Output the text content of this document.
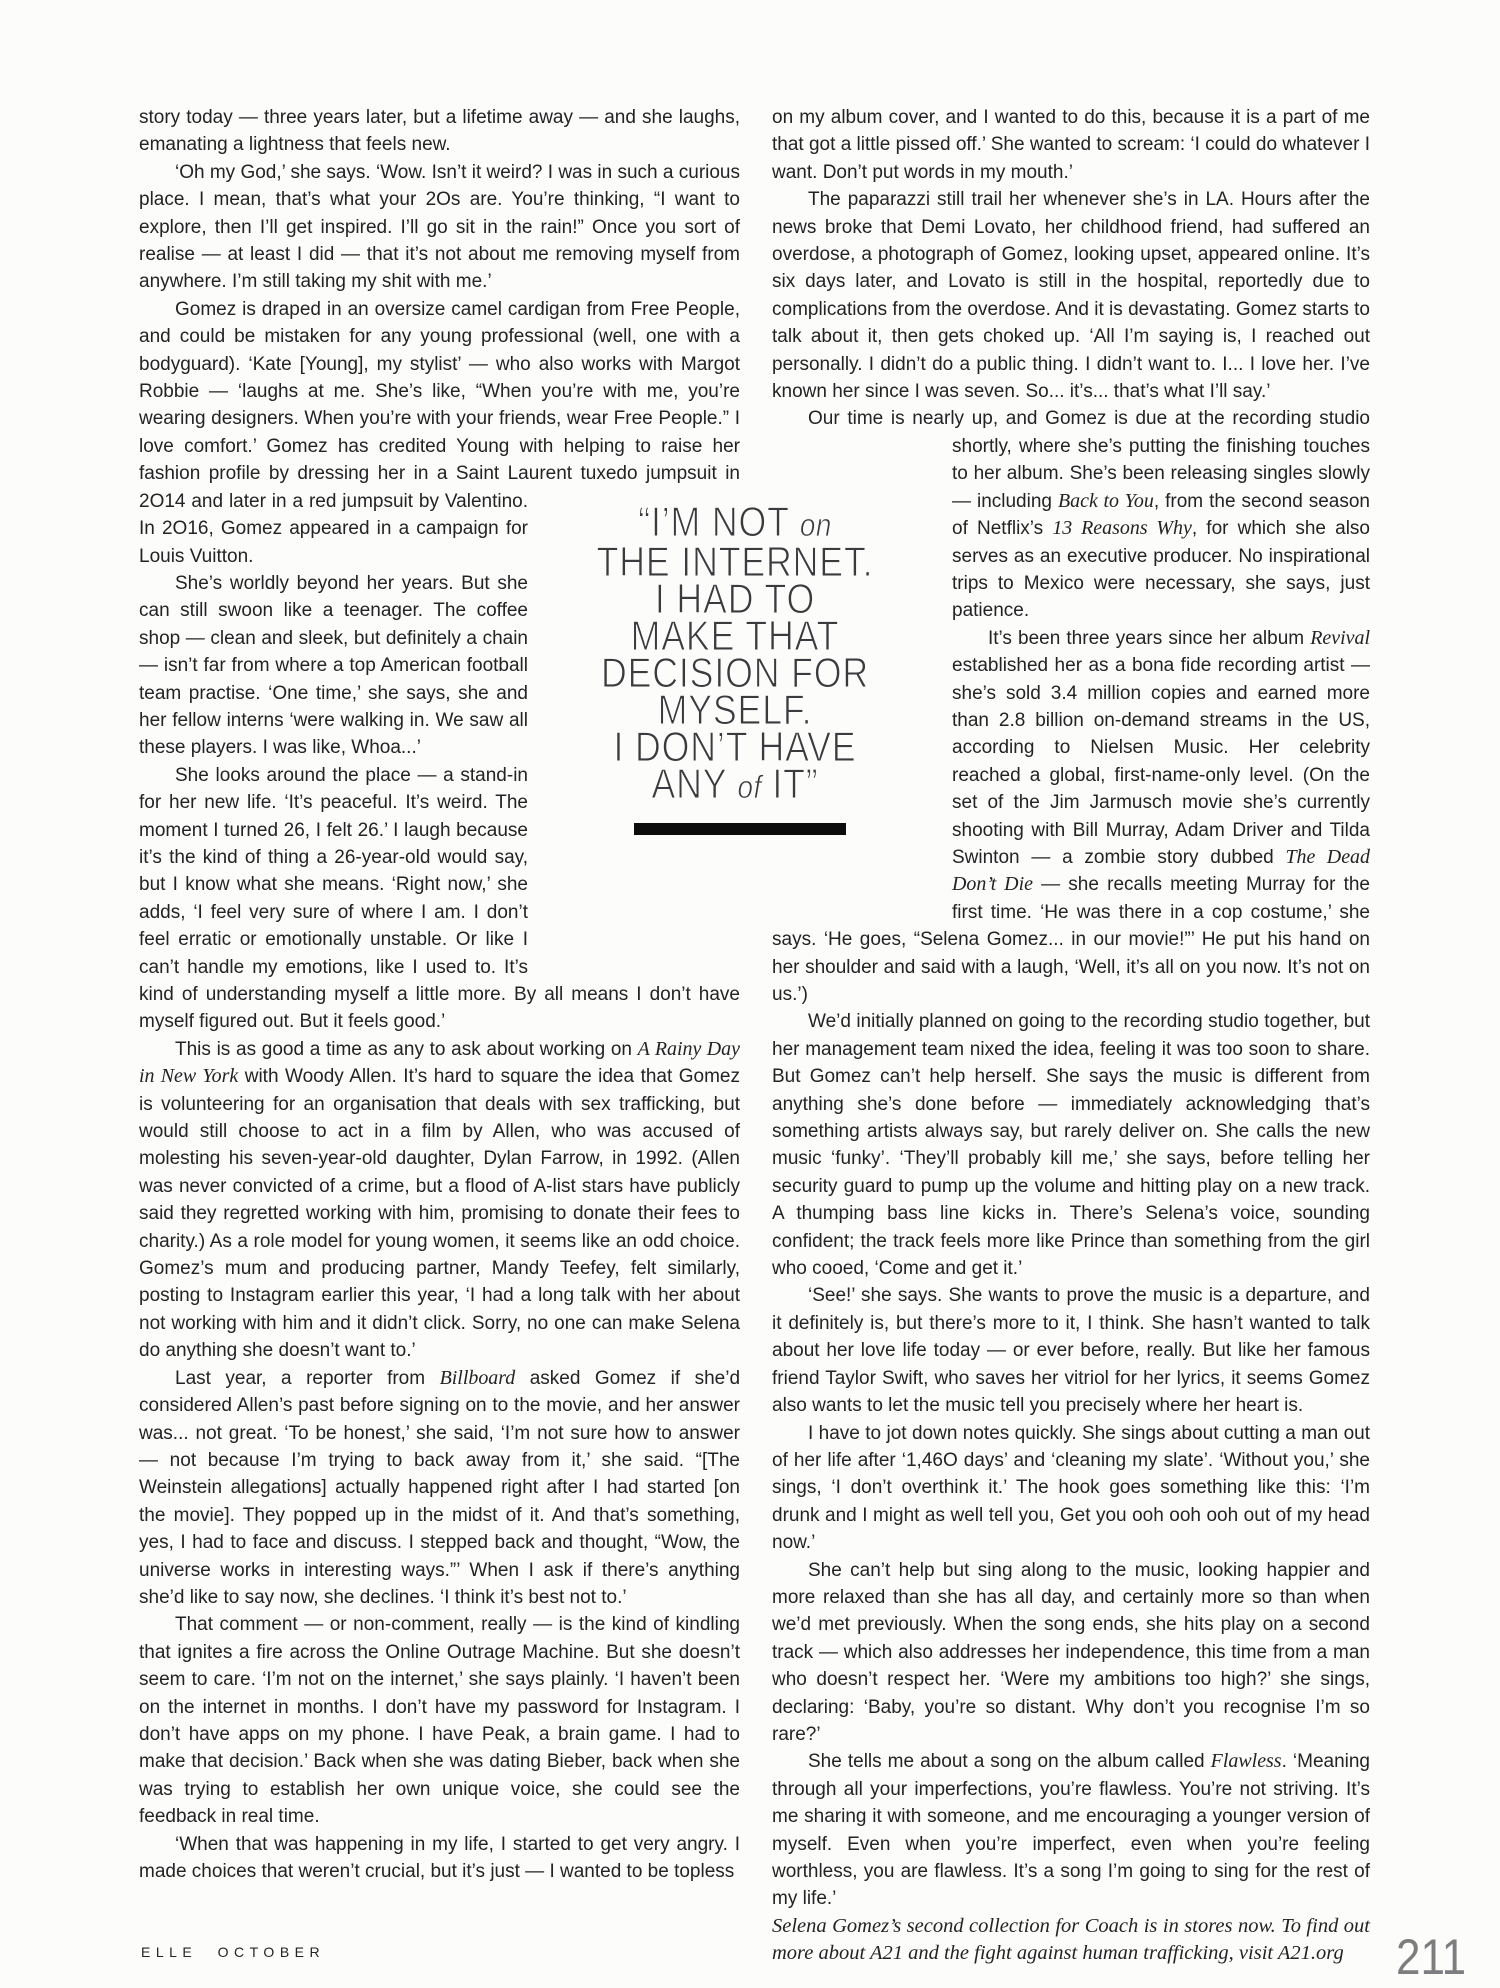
story today — three years later, but a lifetime away — and she laughs, emanating a lightness that feels new.

‘Oh my God,’ she says. ‘Wow. Isn’t it weird? I was in such a curious place. I mean, that’s what your 2Os are. You’re thinking, “I want to explore, then I’ll get inspired. I’ll go sit in the rain!” Once you sort of realise — at least I did — that it’s not about me removing myself from anywhere. I’m still taking my shit with me.’

Gomez is draped in an oversize camel cardigan from Free People, and could be mistaken for any young professional (well, one with a bodyguard). ‘Kate [Young], my stylist’ — who also works with Margot Robbie — ‘laughs at me. She’s like, “When you’re with me, you’re wearing designers. When you’re with your friends, wear Free People.” I love comfort.’ Gomez has credited Young with helping to raise her fashion profile by dressing her in a Saint Laurent tuxedo jumpsuit in 2O14 and later in a red jumpsuit by Valentino. In 2O16, Gomez appeared in a campaign for Louis Vuitton.

She’s worldly beyond her years. But she can still swoon like a teenager. The coffee shop — clean and sleek, but definitely a chain — isn’t far from where a top American football team practise. ‘One time,’ she says, she and her fellow interns ‘were walking in. We saw all these players. I was like, Whoa...’

She looks around the place — a stand-in for her new life. ‘It’s peaceful. It’s weird. The moment I turned 26, I felt 26.’ I laugh because it’s the kind of thing a 26-year-old would say, but I know what she means. ‘Right now,’ she adds, ‘I feel very sure of where I am. I don’t feel erratic or emotionally unstable. Or like I can’t handle my emotions, like I used to. It’s kind of understanding myself a little more. By all means I don’t have myself figured out. But it feels good.’

This is as good a time as any to ask about working on A Rainy Day in New York with Woody Allen. It’s hard to square the idea that Gomez is volunteering for an organisation that deals with sex trafficking, but would still choose to act in a film by Allen, who was accused of molesting his seven-year-old daughter, Dylan Farrow, in 1992. (Allen was never convicted of a crime, but a flood of A-list stars have publicly said they regretted working with him, promising to donate their fees to charity.) As a role model for young women, it seems like an odd choice. Gomez’s mum and producing partner, Mandy Teefey, felt similarly, posting to Instagram earlier this year, ‘I had a long talk with her about not working with him and it didn’t click. Sorry, no one can make Selena do anything she doesn’t want to.’

Last year, a reporter from Billboard asked Gomez if she’d considered Allen’s past before signing on to the movie, and her answer was... not great. ‘To be honest,’ she said, ‘I’m not sure how to answer — not because I’m trying to back away from it,’ she said. “[The Weinstein allegations] actually happened right after I had started [on the movie]. They popped up in the midst of it. And that’s something, yes, I had to face and discuss. I stepped back and thought, “Wow, the universe works in interesting ways.”’ When I ask if there’s anything she’d like to say now, she declines. ‘I think it’s best not to.’

That comment — or non-comment, really — is the kind of kindling that ignites a fire across the Online Outrage Machine. But she doesn’t seem to care. ‘I’m not on the internet,’ she says plainly. ‘I haven’t been on the internet in months. I don’t have my password for Instagram. I don’t have apps on my phone. I have Peak, a brain game. I had to make that decision.’ Back when she was dating Bieber, back when she was trying to establish her own unique voice, she could see the feedback in real time.

‘When that was happening in my life, I started to get very angry. I made choices that weren’t crucial, but it’s just — I wanted to be topless

on my album cover, and I wanted to do this, because it is a part of me that got a little pissed off.’ She wanted to scream: ‘I could do whatever I want. Don’t put words in my mouth.’

The paparazzi still trail her whenever she’s in LA. Hours after the news broke that Demi Lovato, her childhood friend, had suffered an overdose, a photograph of Gomez, looking upset, appeared online. It’s six days later, and Lovato is still in the hospital, reportedly due to complications from the overdose. And it is devastating. Gomez starts to talk about it, then gets choked up. ‘All I’m saying is, I reached out personally. I didn’t do a public thing. I didn’t want to. I... I love her. I’ve known her since I was seven. So... it’s... that’s what I’ll say.’

Our time is nearly up, and Gomez is due at the recording studio shortly, where she’s putting the finishing touches to her album. She’s been releasing singles slowly — including Back to You, from the second season of Netflix’s 13 Reasons Why, for which she also serves as an executive producer. No inspirational trips to Mexico were necessary, she says, just patience.

It’s been three years since her album Revival established her as a bona fide recording artist — she’s sold 3.4 million copies and earned more than 2.8 billion on-demand streams in the US, according to Nielsen Music. Her celebrity reached a global, first-name-only level. (On the set of the Jim Jarmusch movie she’s currently shooting with Bill Murray, Adam Driver and Tilda Swinton — a zombie story dubbed The Dead Don’t Die — she recalls meeting Murray for the first time. ‘He was there in a cop costume,’ she says. ‘He goes, “Selena Gomez... in our movie!”’ He put his hand on her shoulder and said with a laugh, ‘Well, it’s all on you now. It’s not on us.’)

We’d initially planned on going to the recording studio together, but her management team nixed the idea, feeling it was too soon to share. But Gomez can’t help herself. She says the music is different from anything she’s done before — immediately acknowledging that’s something artists always say, but rarely deliver on. She calls the new music ‘funky’. ‘They’ll probably kill me,’ she says, before telling her security guard to pump up the volume and hitting play on a new track. A thumping bass line kicks in. There’s Selena’s voice, sounding confident; the track feels more like Prince than something from the girl who cooed, ‘Come and get it.’

‘See!’ she says. She wants to prove the music is a departure, and it definitely is, but there’s more to it, I think. She hasn’t wanted to talk about her love life today — or ever before, really. But like her famous friend Taylor Swift, who saves her vitriol for her lyrics, it seems Gomez also wants to let the music tell you precisely where her heart is.

I have to jot down notes quickly. She sings about cutting a man out of her life after ‘1,46O days’ and ‘cleaning my slate’. ‘Without you,’ she sings, ‘I don’t overthink it.’ The hook goes something like this: ‘I’m drunk and I might as well tell you, Get you ooh ooh ooh out of my head now.’

She can’t help but sing along to the music, looking happier and more relaxed than she has all day, and certainly more so than when we’d met previously. When the song ends, she hits play on a second track — which also addresses her independence, this time from a man who doesn’t respect her. ‘Were my ambitions too high?’ she sings, declaring: ‘Baby, you’re so distant. Why don’t you recognise I’m so rare?’

She tells me about a song on the album called Flawless. ‘Meaning through all your imperfections, you’re flawless. You’re not striving. It’s me sharing it with someone, and me encouraging a younger version of myself. Even when you’re imperfect, even when you’re feeling worthless, you are flawless. It’s a song I’m going to sing for the rest of my life.’

Selena Gomez’s second collection for Coach is in stores now. To find out more about A21 and the fight against human trafficking, visit A21.org

“I’M NOT on
THE INTERNET.
I HAD TO
MAKE THAT
DECISION FOR
MYSELF.
I DON’T HAVE
ANY of IT”
ELLE OCTOBER	211
